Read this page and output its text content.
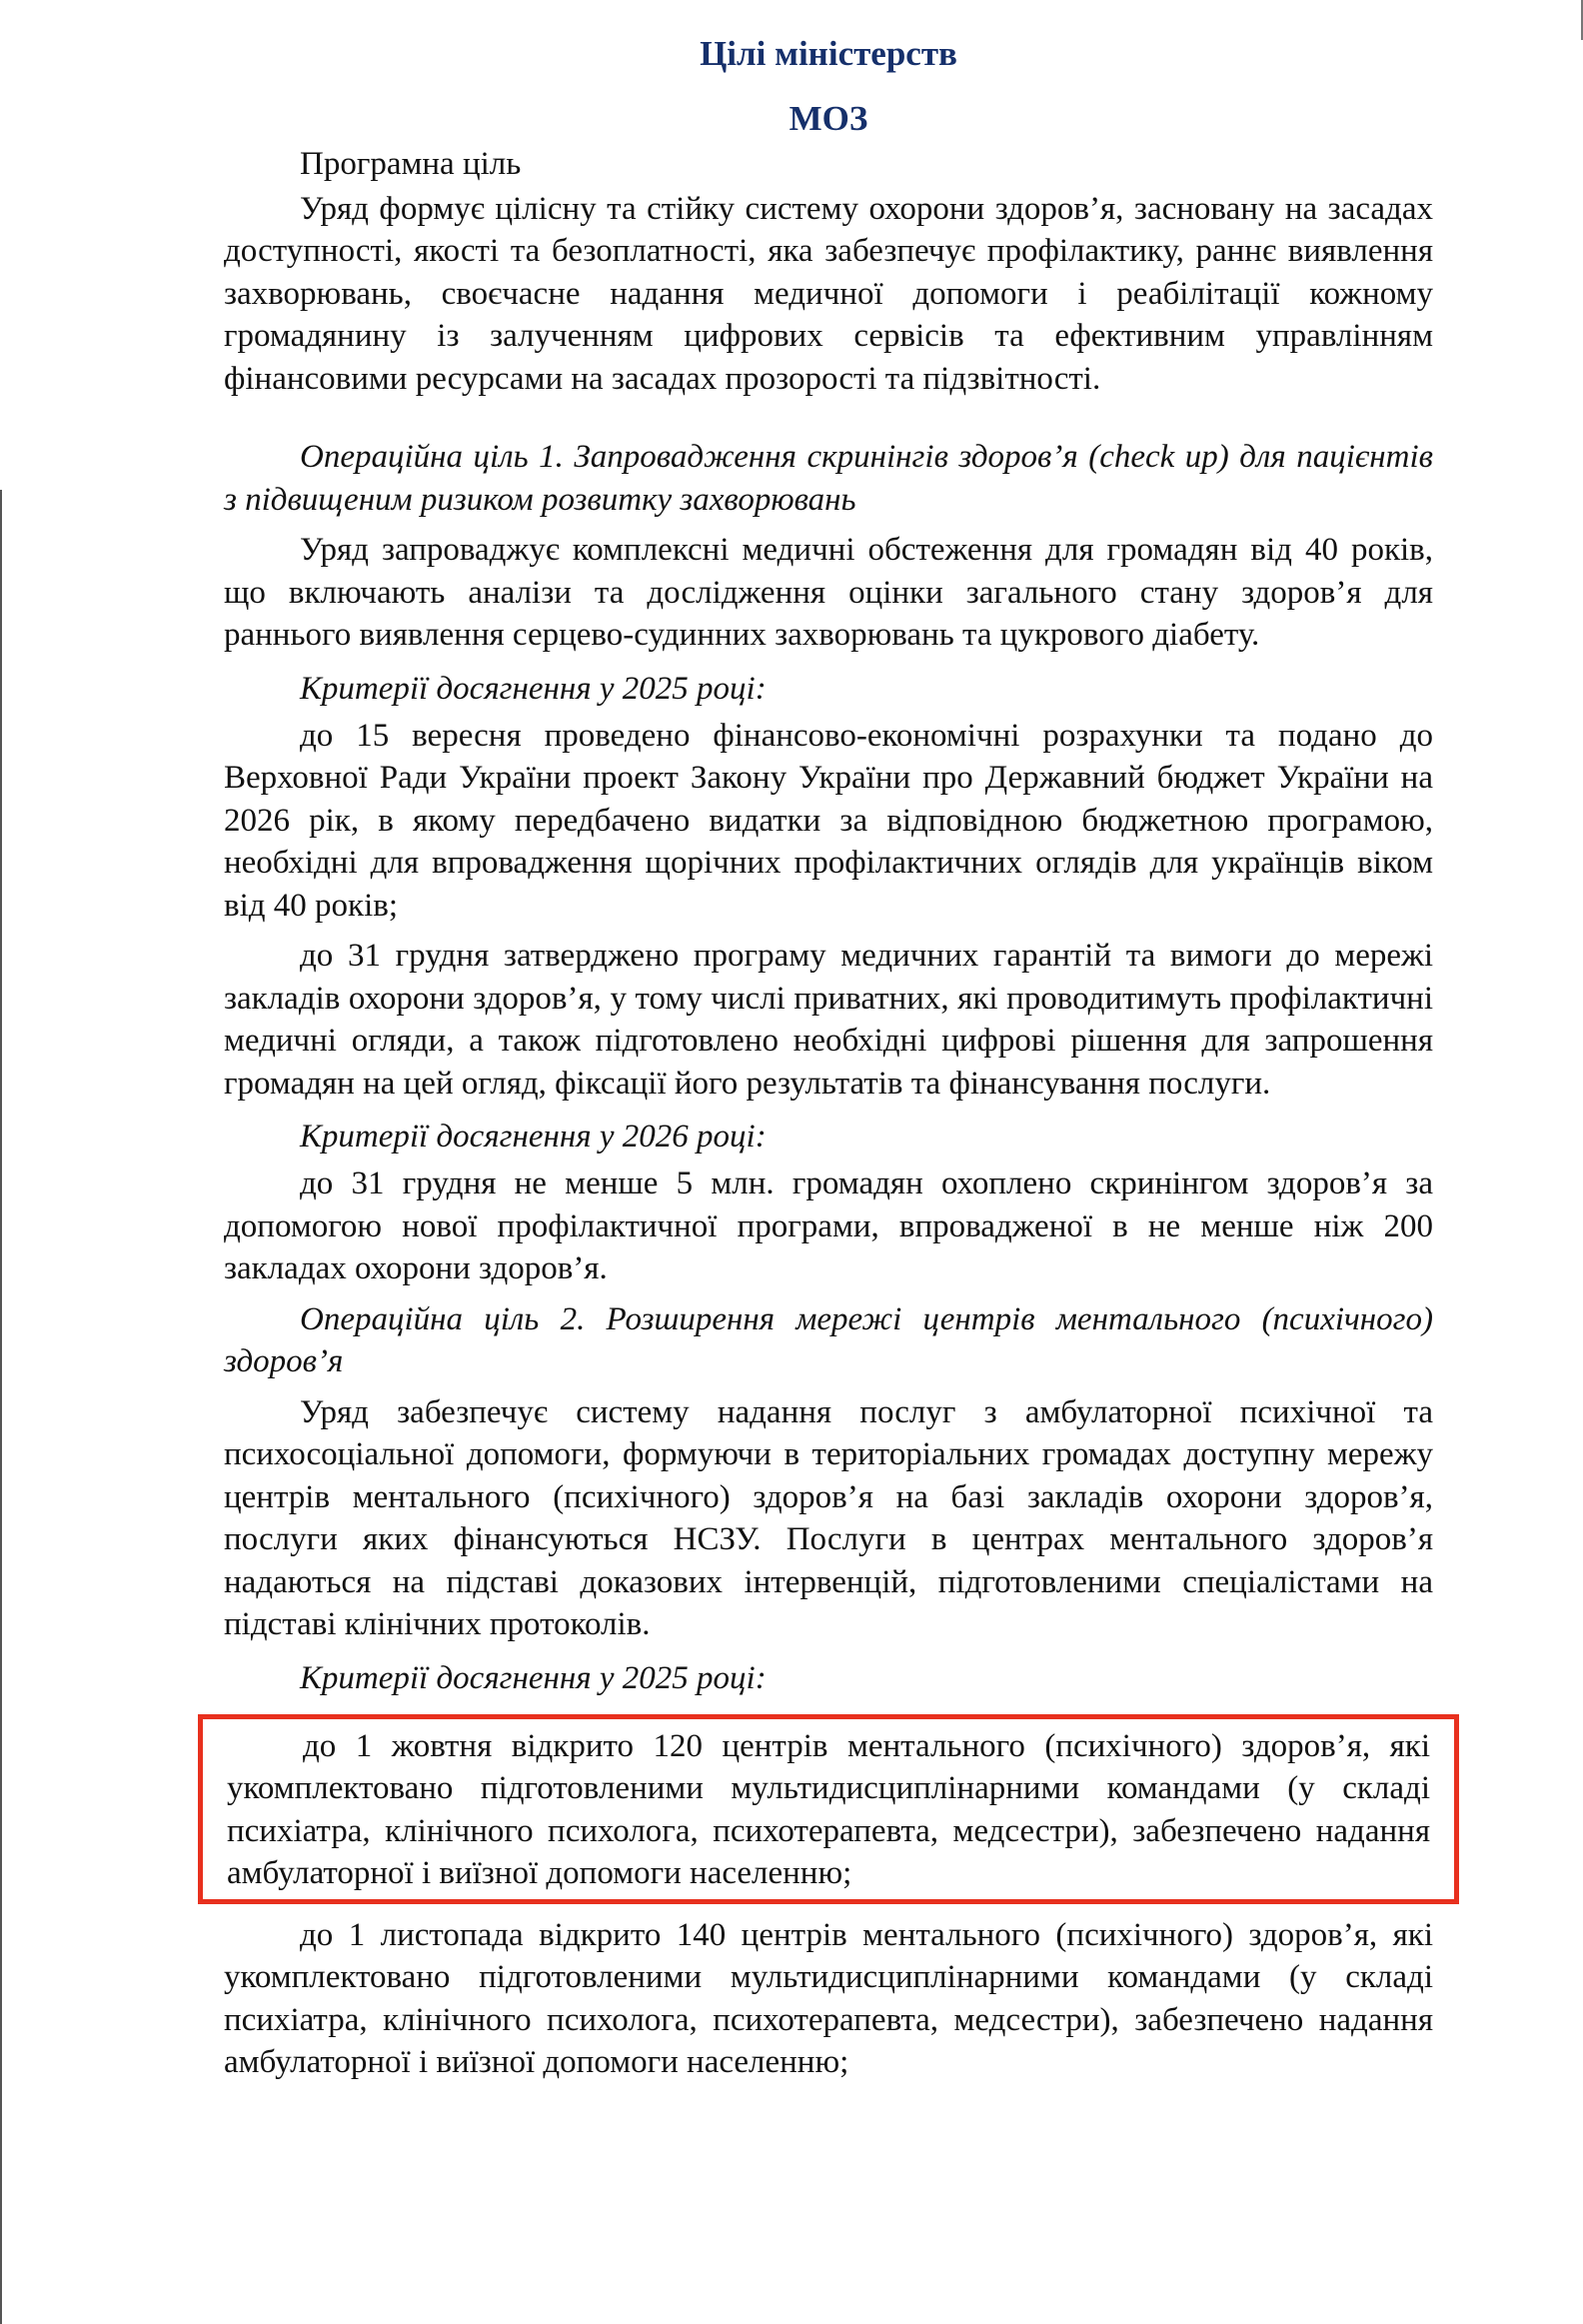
Цілі міністерств
МОЗ

Програмна ціль

Уряд формує цілісну та стійку систему охорони здоров’я, засновану на засадах доступності, якості та безоплатності, яка забезпечує профілактику, раннє виявлення захворювань, своєчасне надання медичної допомоги і реабілітації кожному громадянину із залученням цифрових сервісів та ефективним управлінням фінансовими ресурсами на засадах прозорості та підзвітності.

Операційна ціль 1. Запровадження скринінгів здоров’я (check up) для пацієнтів з підвищеним ризиком розвитку захворювань

Уряд запроваджує комплексні медичні обстеження для громадян від 40 років, що включають аналізи та дослідження оцінки загального стану здоров’я для раннього виявлення серцево-судинних захворювань та цукрового діабету.

Критерії досягнення у 2025 році:

до 15 вересня проведено фінансово-економічні розрахунки та подано до Верховної Ради України проект Закону України про Державний бюджет України на 2026 рік, в якому передбачено видатки за відповідною бюджетною програмою, необхідні для впровадження щорічних профілактичних оглядів для українців віком від 40 років;

до 31 грудня затверджено програму медичних гарантій та вимоги до мережі закладів охорони здоров’я, у тому числі приватних, які проводитимуть профілактичні медичні огляди, а також підготовлено необхідні цифрові рішення для запрошення громадян на цей огляд, фіксації його результатів та фінансування послуги.

Критерії досягнення у 2026 році:

до 31 грудня не менше 5 млн. громадян охоплено скринінгом здоров’я за допомогою нової профілактичної програми, впровадженої в не менше ніж 200 закладах охорони здоров’я.

Операційна ціль 2. Розширення мережі центрів ментального (психічного) здоров’я

Уряд забезпечує систему надання послуг з амбулаторної психічної та психосоціальної допомоги, формуючи в територіальних громадах доступну мережу центрів ментального (психічного) здоров’я на базі закладів охорони здоров’я, послуги яких фінансуються НСЗУ. Послуги в центрах ментального здоров’я надаються на підставі доказових інтервенцій, підготовленими спеціалістами на підставі клінічних протоколів.

Критерії досягнення у 2025 році:

до 1 жовтня відкрито 120 центрів ментального (психічного) здоров’я, які укомплектовано підготовленими мультидисциплінарними командами (у складі психіатра, клінічного психолога, психотерапевта, медсестри), забезпечено надання амбулаторної і виїзної допомоги населенню;

до 1 листопада відкрито 140 центрів ментального (психічного) здоров’я, які укомплектовано підготовленими мультидисциплінарними командами (у складі психіатра, клінічного психолога, психотерапевта, медсестри), забезпечено надання амбулаторної і виїзної допомоги населенню;
